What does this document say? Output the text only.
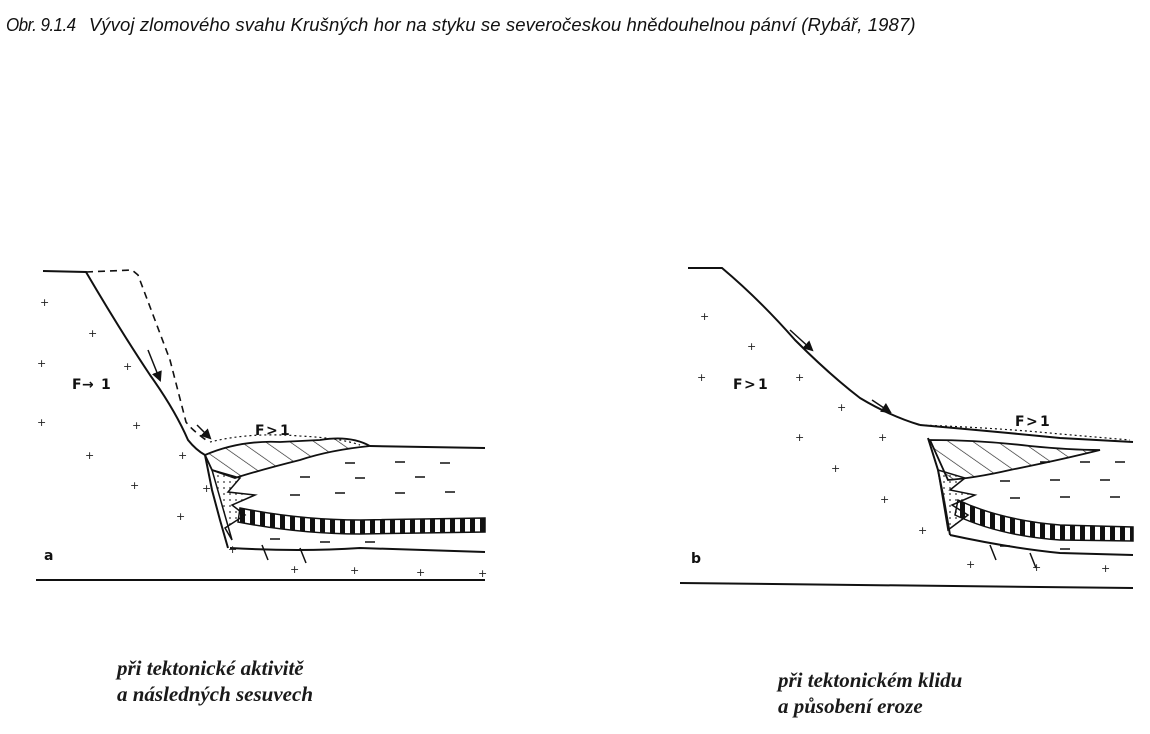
Obr. 9.1.4 Vývoj zlomového svahu Krušných hor na styku se severočeskou hnědouhelnou pánví (Rybář, 1987)
+
+
+	+
+	+
+	+
+
+
+
+	+	+	+
+
a
F → 1
F > 1
+
+
+	+
+
+	+
+
+
+
+	+	+
b
F > 1
F > 1
při tektonické aktivitě
a následných sesuvech
při tektonickém klidu
a působení eroze
